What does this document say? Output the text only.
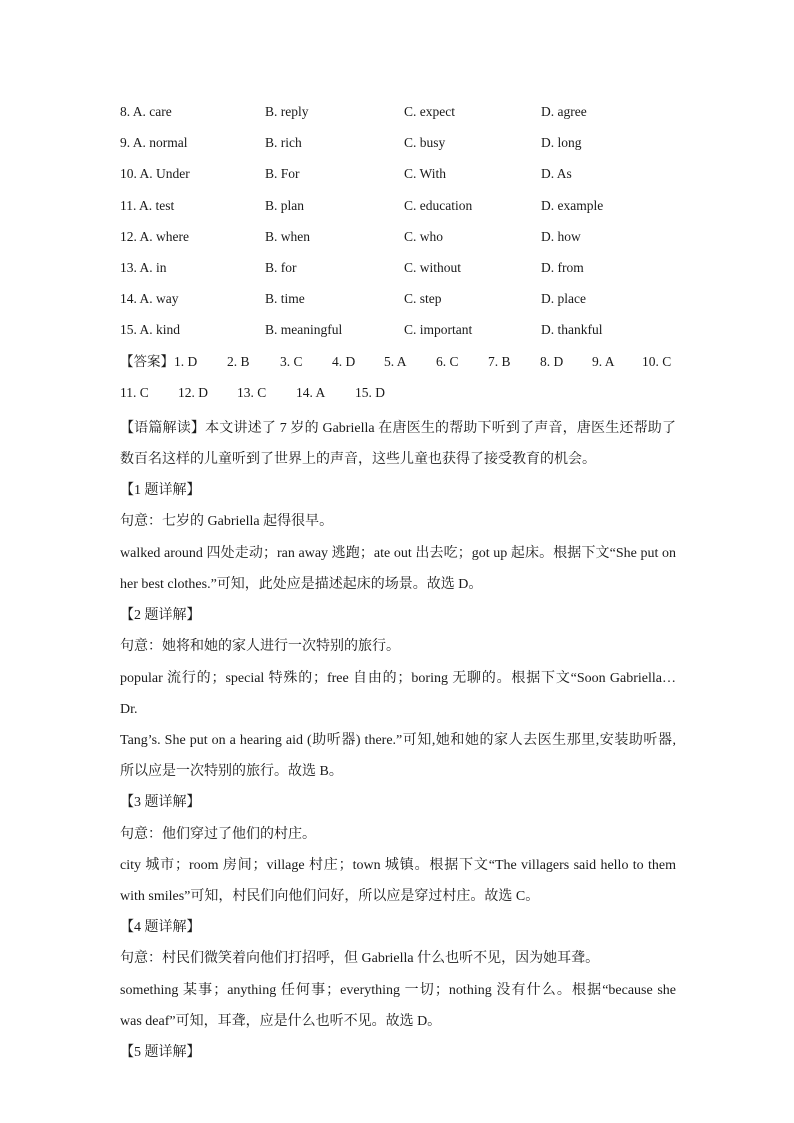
8. A. care	B. reply	C. expect	D. agree
9. A. normal	B. rich	C. busy	D. long
10. A. Under	B. For	C. With	D. As
11. A. test	B. plan	C. education	D. example
12. A. where	B. when	C. who	D. how
13. A. in	B. for	C. without	D. from
14. A. way	B. time	C. step	D. place
15. A. kind	B. meaningful	C. important	D. thankful
【答案】1. D 2. B 3. C 4. D 5. A 6. C 7. B 8. D 9. A 10. C
11. C 12. D 13. C 14. A 15. D

【语篇解读】本文讲述了 7 岁的 Gabriella 在唐医生的帮助下听到了声音，唐医生还帮助了

数百名这样的儿童听到了世界上的声音，这些儿童也获得了接受教育的机会。

【1 题详解】

句意：七岁的 Gabriella 起得很早。

walked around 四处走动；ran away 逃跑；ate out 出去吃；got up 起床。根据下文“She put on

her best clothes.”可知，此处应是描述起床的场景。故选 D。

【2 题详解】

句意：她将和她的家人进行一次特别的旅行。

popular 流行的；special 特殊的；free 自由的；boring 无聊的。根据下文“Soon Gabriella…Dr.

Tang’s. She put on a hearing aid (助听器) there.”可知,她和她的家人去医生那里,安装助听器,

所以应是一次特别的旅行。故选 B。

【3 题详解】

句意：他们穿过了他们的村庄。

city 城市；room 房间；village 村庄；town 城镇。根据下文“The villagers said hello to them

with smiles”可知，村民们向他们问好，所以应是穿过村庄。故选 C。

【4 题详解】

句意：村民们微笑着向他们打招呼，但 Gabriella 什么也听不见，因为她耳聋。

something 某事；anything 任何事；everything 一切；nothing 没有什么。根据“because she

was deaf”可知，耳聋，应是什么也听不见。故选 D。

【5 题详解】
